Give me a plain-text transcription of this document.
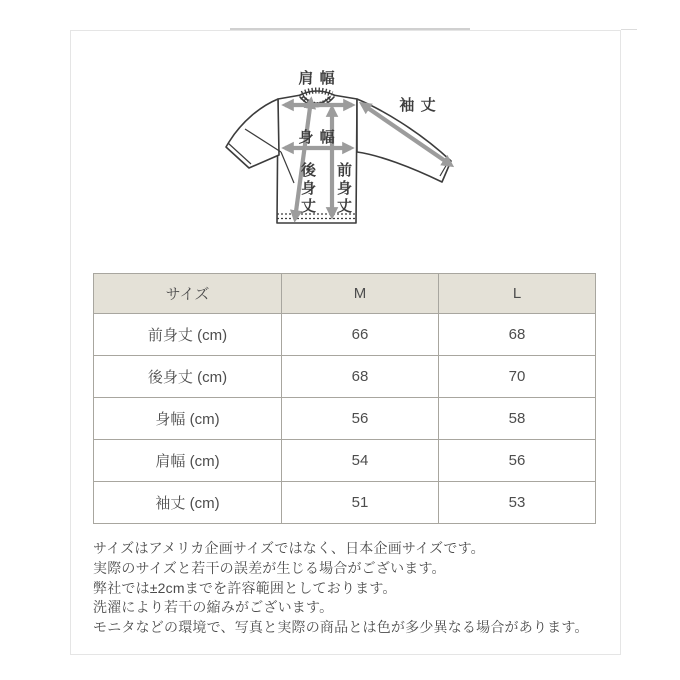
肩 幅
袖 丈
身 幅
後
身
丈
前
身
丈
サイズ	M	L
前身丈 (cm)	66	68
後身丈 (cm)	68	70
身幅 (cm)	56	58
肩幅 (cm)	54	56
袖丈 (cm)	51	53

サイズはアメリカ企画サイズではなく、日本企画サイズです。

実際のサイズと若干の誤差が生じる場合がございます。

弊社では±2cmまでを許容範囲としております。

洗濯により若干の縮みがございます。

モニタなどの環境で、写真と実際の商品とは色が多少異なる場合があります。
